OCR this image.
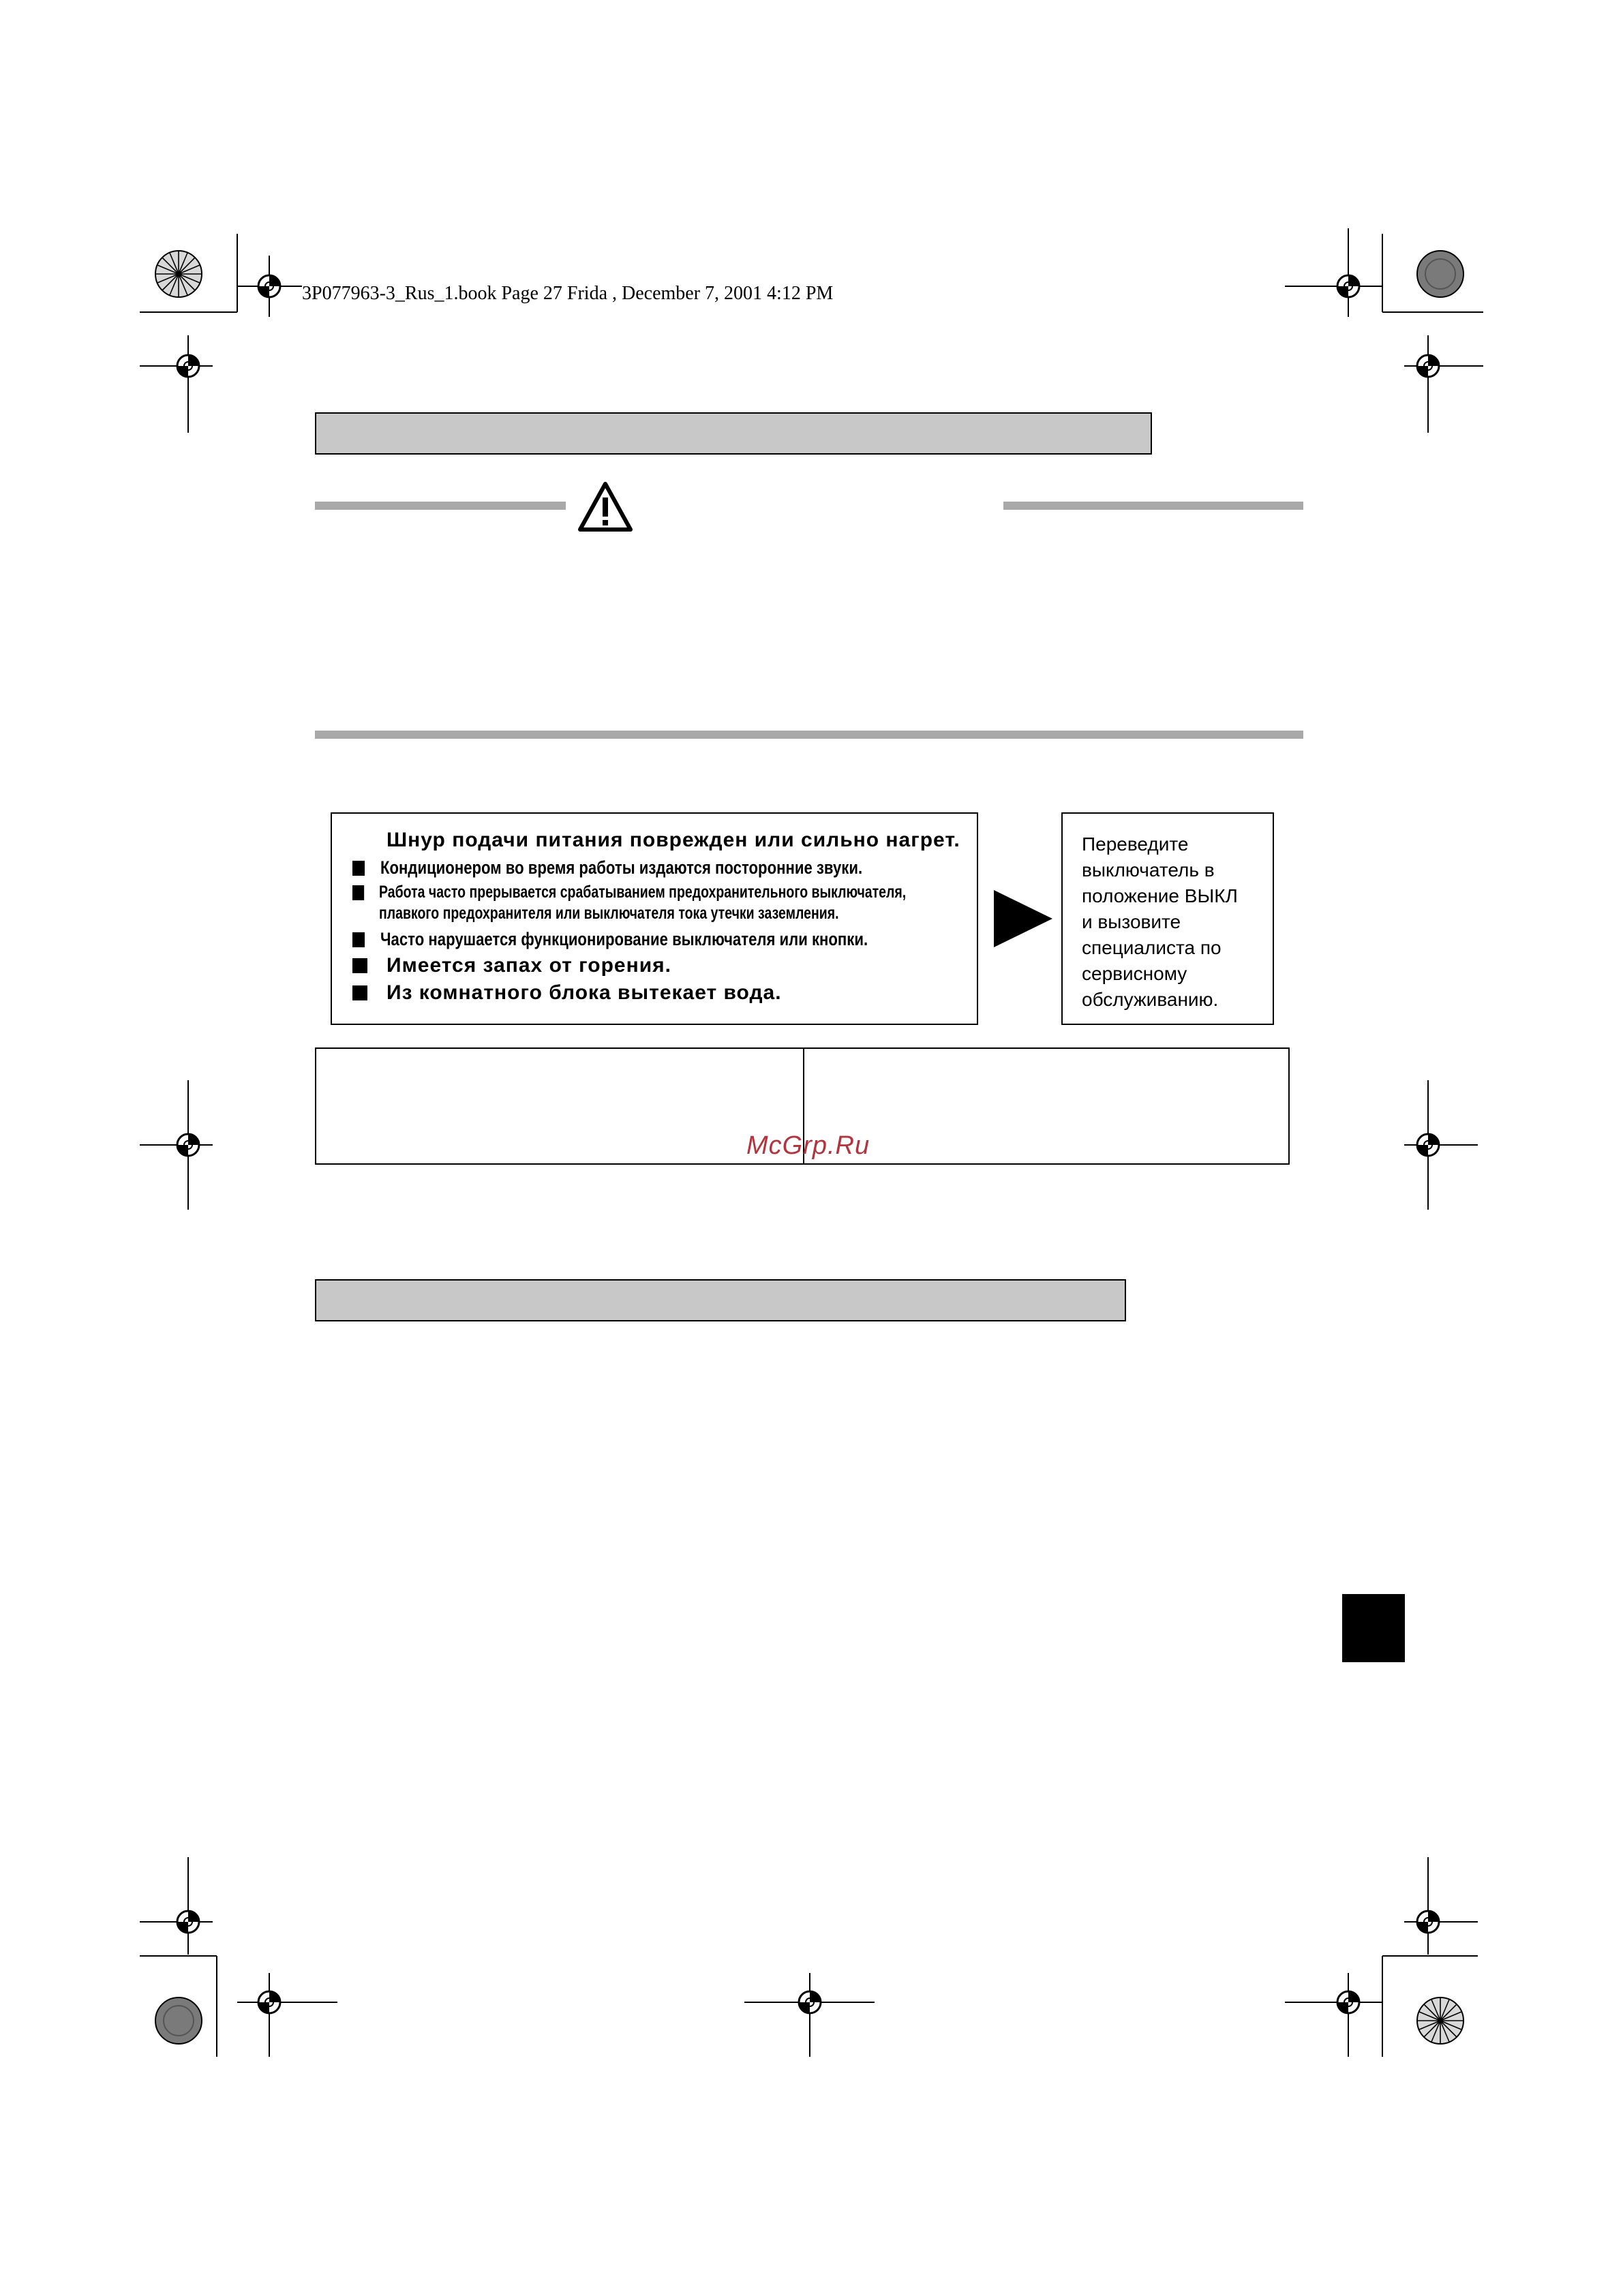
3P077963-3_Rus_1.book Page 27 Frida , December 7, 2001 4:12 PM
Шнур подачи питания поврежден или сильно нагрет.
Кондиционером во время работы издаются посторонние звуки.
Работа часто прерывается срабатыванием предохранительного выключателя,
плавкого предохранителя или выключателя тока утечки заземления.
Часто нарушается функционирование выключателя или кнопки.
Имеется запах от горения.
Из комнатного блока вытекает вода.
Переведите
выключатель в
положение ВЫКЛ
и вызовите
специалиста по
сервисному
обслуживанию.
McGrp.Ru
